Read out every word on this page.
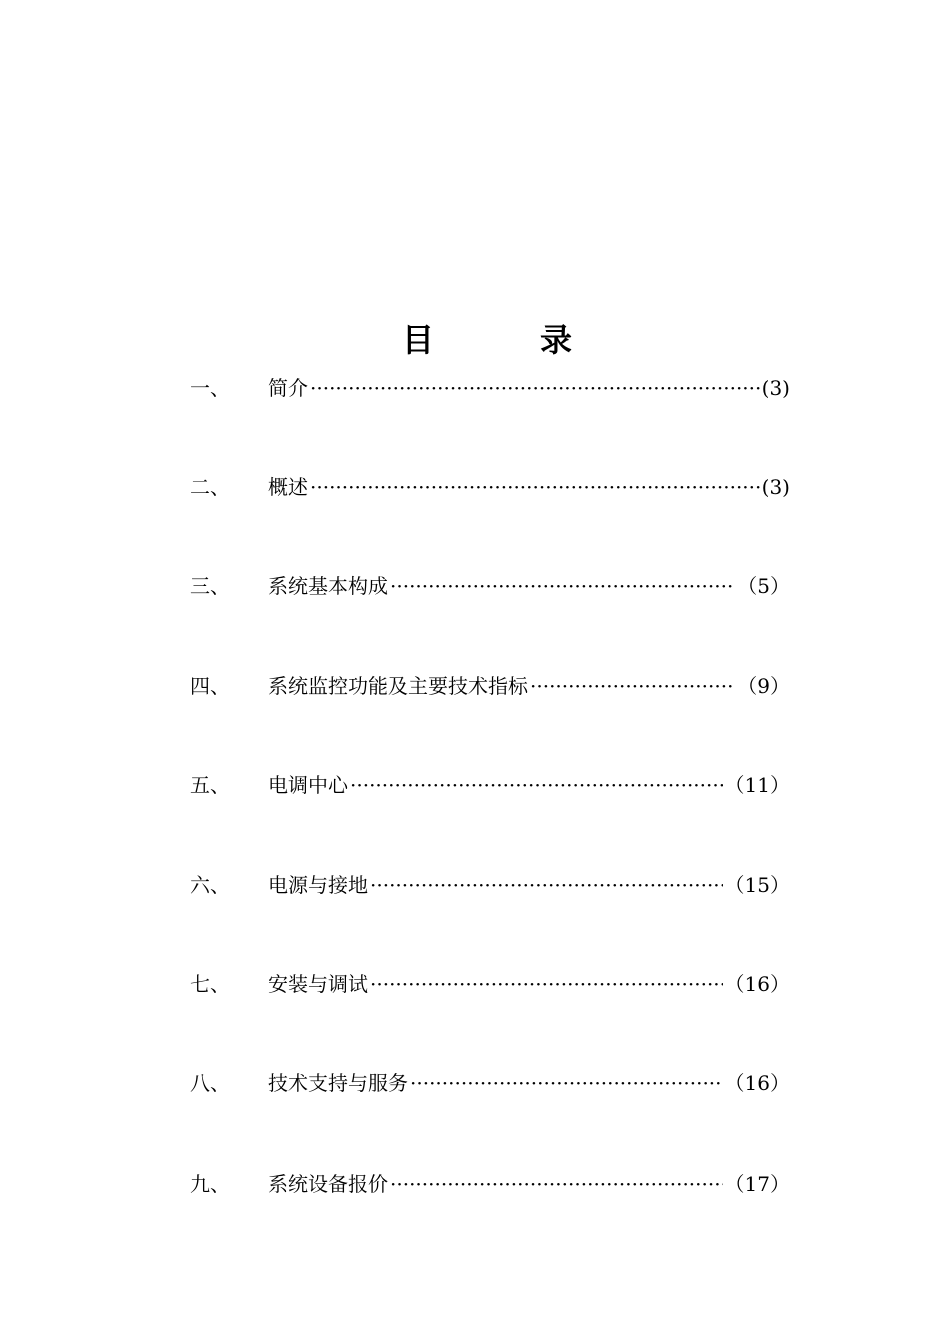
目	录
一、 简介 ·····	(3)
二、 概述 ·····	(3)
三、 系统基本构成 ·····	（5）
四、 系统监控功能及主要技术指标 ·····	（9）
五、 电调中心 ·····	（11）
六、 电源与接地 ·····	（15）
七、 安装与调试 ·····	（16）
八、 技术支持与服务 ·····	（16）
九、 系统设备报价 ·····	（17）
